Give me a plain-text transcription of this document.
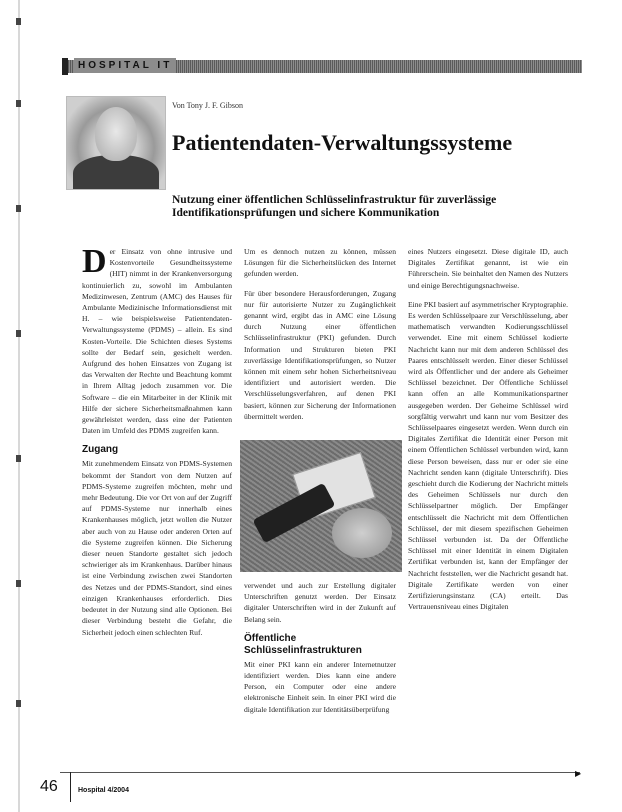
HOSPITAL IT
Von Tony J. F. Gibson
Patientendaten-Verwaltungssysteme
Nutzung einer öffentlichen Schlüsselinfrastruktur für zuverlässige Identifikationsprüfungen und sichere Kommunikation
D er Einsatz von ohne intrusive und Kostenvorteile Gesundheitssysteme (HIT) nimmt in der Krankenversorgung kontinuierlich zu, sowohl im Ambulanten Medizinwesen, Zentrum (AMC) des Hauses für Ambulante Medizinische Informationsdienst mit H. – wie beispielsweise Patientendaten-Verwaltungssysteme (PDMS) – allein. Es sind Kosten-Vorteile. Die Schichten dieses Systems sollte der Bedarf sein, gesichelt werden. Aufgrund des hohen Einsatzes von Zugang ist das Verwalten der Rechte und Beachtung kommt in Ihrem Alltag jedoch zusammen vor. Die Software – die ein Mitarbeiter in der Klinik mit Hilfe der sichere Sicherheitsmaßnahmen kann gewährleistet werden, dass eine der Patienten Daten im Umfeld des PDMS zugreifen kann.

Zugang

Mit zunehmendem Einsatz von PDMS-Systemen bekommt der Standort von dem Nutzen auf PDMS-Systeme zugreifen möchten, mehr und mehr Bedeutung. Die vor Ort von auf der Zugriff auf PDMS-Systeme nur innerhalb eines Krankenhauses möglich, jetzt wollen die Nutzer aber auch von zu Hause oder anderen Orten auf die Systeme zugreifen können. Die Sicherung dieser neuen Standorte gestaltet sich jedoch schwieriger als im Krankenhaus. Darüber hinaus ist eine Verbindung zwischen zwei Standorten des Netzes und der PDMS-Standort, sind eines einzigen Krankenhauses erforderlich. Dies bedeutet in der Nutzung sind alle Optionen. Bei dieser Verbindung besteht die Gefahr, die Sicherheit jedoch einen schlechten Ruf.

Um es dennoch nutzen zu können, müssen Lösungen für die Sicherheitslücken des Internet gefunden werden.

Für über besondere Herausforderungen, Zugang nur für autorisierte Nutzer zu Zugänglichkeit genannt wird, ergibt das in AMC eine Lösung durch Nutzung einer öffentlichen Schlüsselinfrastruktur (PKI) gefunden. Durch Information und Strukturen bieten PKI zuverlässige Identifikationsprüfungen, so Nutzer können mit einem sehr hohen Sicherheitsniveau identifiziert und autorisiert werden. Die Verschlüsselungsverfahren, auf denen PKI basiert, können zur Sicherung der Informationen übermittelt werden.

verwendet und auch zur Erstellung digitaler Unterschriften genutzt werden. Der Einsatz digitaler Unterschriften wird in der Zukunft auf Belang sein.

Öffentliche Schlüsselinfrastrukturen

Mit einer PKI kann ein anderer Internetnutzer identifiziert werden. Dies kann eine andere Person, ein Computer oder eine andere elektronische Einheit sein. In einer PKI wird die digitale Identifikation zur Identitätsüberprüfung

eines Nutzers eingesetzt. Diese digitale ID, auch Digitales Zertifikat genannt, ist wie ein Führerschein. Sie beinhaltet den Namen des Nutzers und einige Berechtigungsnachweise.

Eine PKI basiert auf asymmetrischer Kryptographie. Es werden Schlüsselpaare zur Verschlüsselung, aber mathematisch verwandten Kodierungsschlüssel verwendet. Eine mit einem Schlüssel kodierte Nachricht kann nur mit dem anderen Schlüssel des Paares entschlüsselt werden. Einer dieser Schlüssel wird als Öffentlicher und der andere als Geheimer Schlüssel bezeichnet. Der Öffentliche Schlüssel kann offen an alle Kommunikationspartner ausgegeben werden. Der Geheime Schlüssel wird sorgfältig verwahrt und kann nur vom Besitzer des Schlüsselpaares eingesetzt werden. Wenn durch ein Digitales Zertifikat die Identität einer Person mit einem Öffentlichen Schlüssel verbunden wird, kann diese Person beweisen, dass nur er oder sie eine Nachricht senden kann (digitale Unterschrift). Dies geschieht durch die Kodierung der Nachricht mittels des Geheimen Schlüssels nur durch den Schlüsselpartner möglich. Der Empfänger entschlüsselt die Nachricht mit dem Öffentlichen Schlüssel, der mit diesem spezifischen Geheimen Schlüssel verbunden ist. Da der Öffentliche Schlüssel mit einer Identität in einem Digitalen Zertifikat verbunden ist, kann der Empfänger der Nachricht feststellen, wer die Nachricht gesandt hat. Digitale Zertifikate werden von einer Zertifizierungsinstanz (CA) erteilt. Das Vertrauensniveau eines Digitalen

46	Hospital 4/2004
▶
